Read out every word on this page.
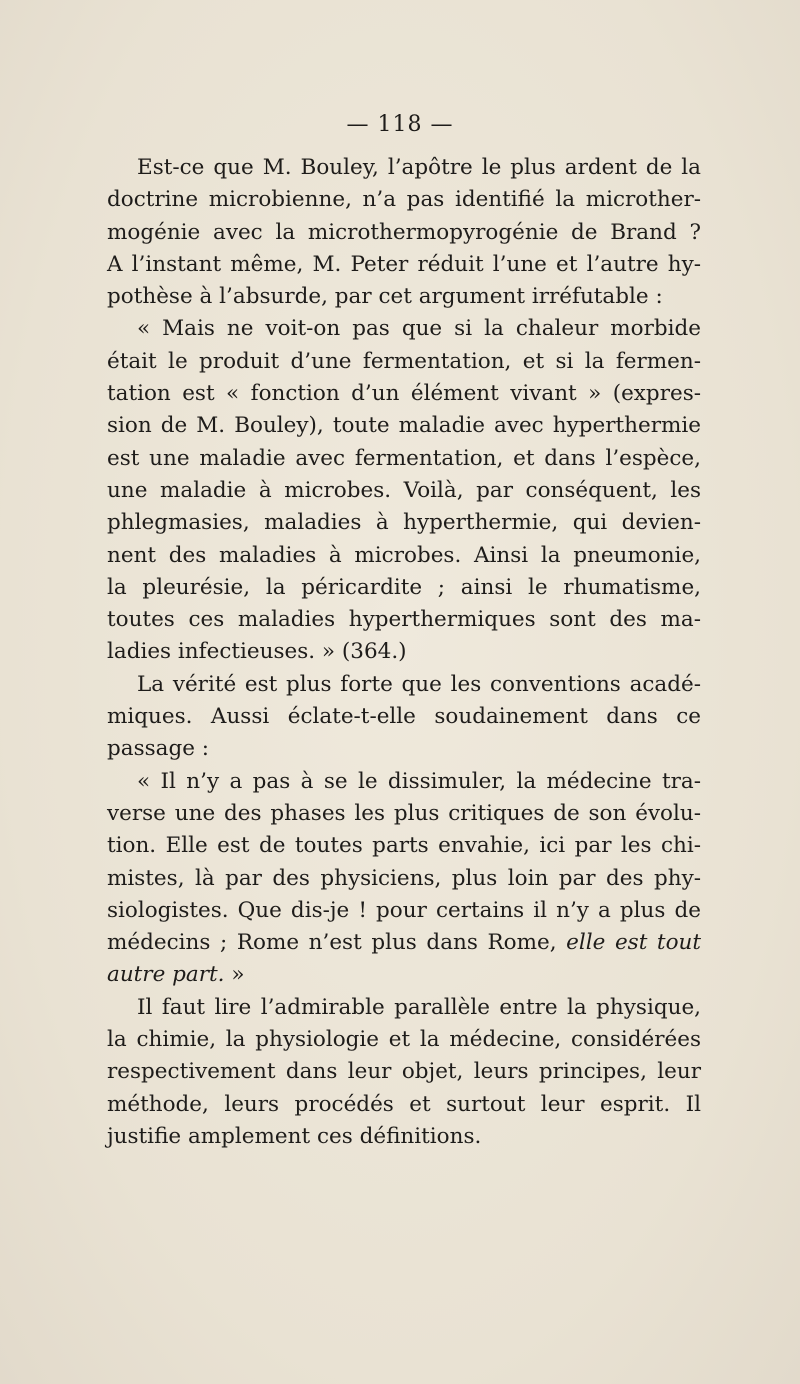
— 118 —
Est-ce que M. Bouley, l’apôtre le plus ardent de la
doctrine microbienne, n’a pas identifié la microther-
mogénie avec la microthermopyrogénie de Brand ?
A l’instant même, M. Peter réduit l’une et l’autre hy-
pothèse à l’absurde, par cet argument irréfutable :
« Mais ne voit-on pas que si la chaleur morbide
était le produit d’une fermentation, et si la fermen-
tation est « fonction d’un élément vivant » (expres-
sion de M. Bouley), toute maladie avec hyperthermie
est une maladie avec fermentation, et dans l’espèce,
une maladie à microbes. Voilà, par conséquent, les
phlegmasies, maladies à hyperthermie, qui devien-
nent des maladies à microbes. Ainsi la pneumonie,
la pleurésie, la péricardite ; ainsi le rhumatisme,
toutes ces maladies hyperthermiques sont des ma-
ladies infectieuses. » (364.)
La vérité est plus forte que les conventions acadé-
miques. Aussi éclate-t-elle soudainement dans ce
passage :
« Il n’y a pas à se le dissimuler, la médecine tra-
verse une des phases les plus critiques de son évolu-
tion. Elle est de toutes parts envahie, ici par les chi-
mistes, là par des physiciens, plus loin par des phy-
siologistes. Que dis-je ! pour certains il n’y a plus de
médecins ; Rome n’est plus dans Rome, elle est tout
autre part. »
Il faut lire l’admirable parallèle entre la physique,
la chimie, la physiologie et la médecine, considérées
respectivement dans leur objet, leurs principes, leur
méthode, leurs procédés et surtout leur esprit. Il
justifie amplement ces définitions.
